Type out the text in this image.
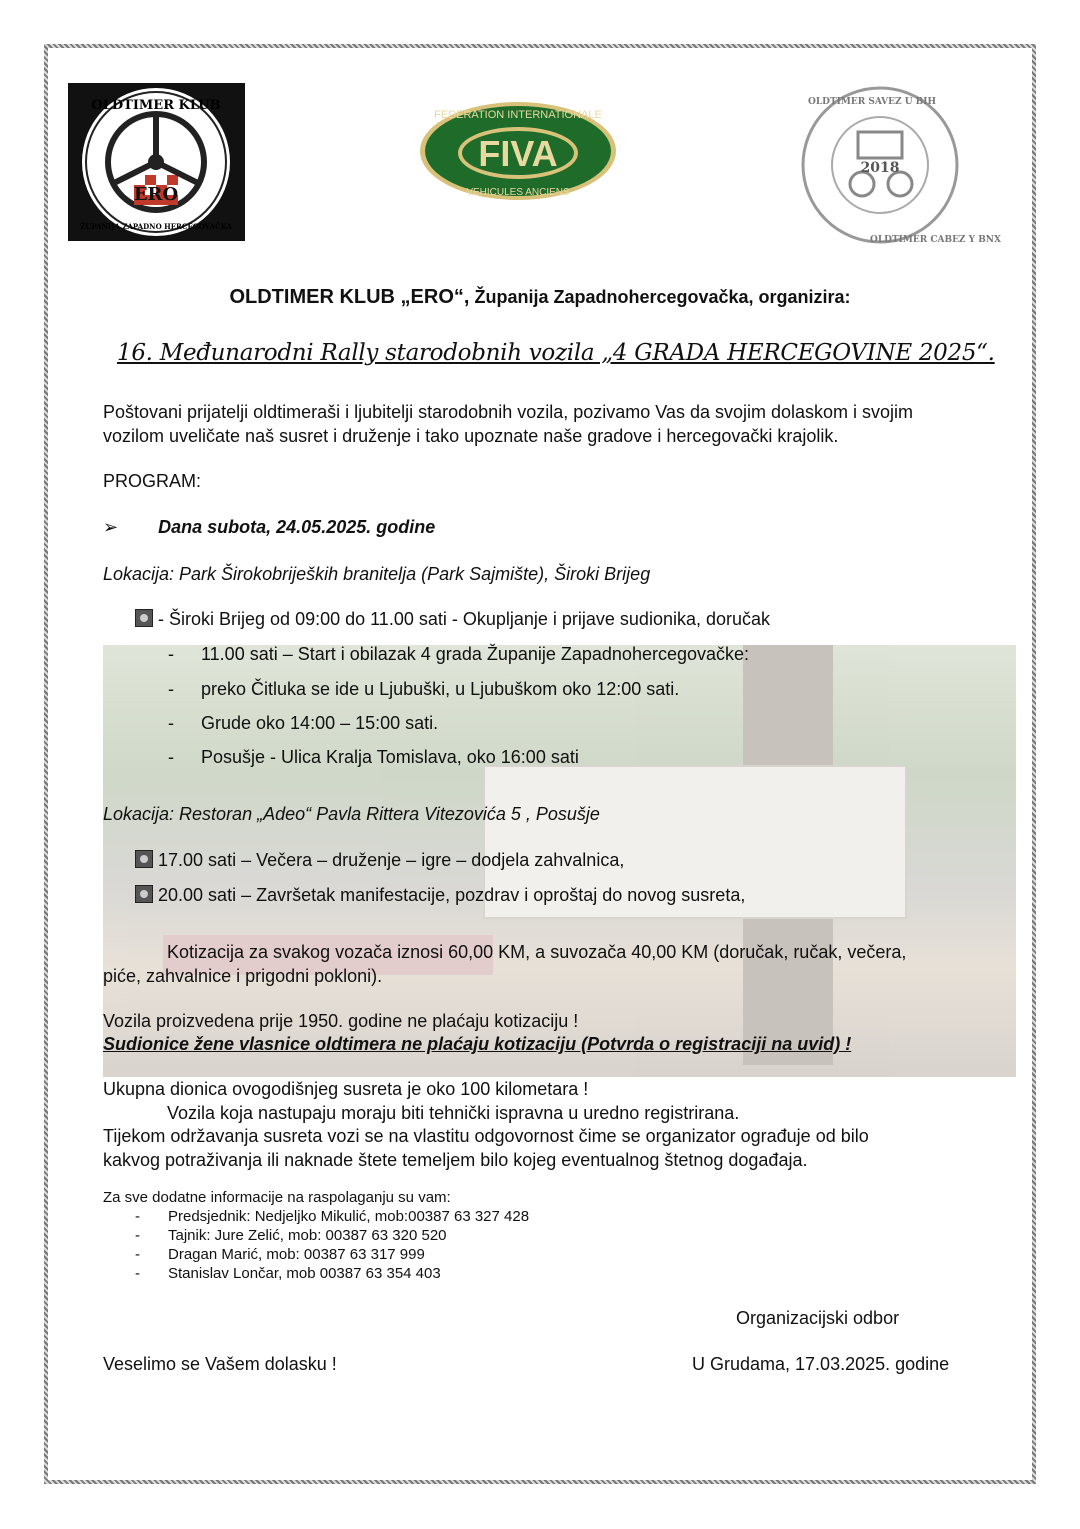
OLDTIMER KLUB
ERO
ŽUPANIJA ZAPADNO HERCEGOVAČKA
FEDERATION INTERNATIONALE
FIVA
VEHICULES ANCIENS
2018
OLDTIMER SAVEZ U BIH
OLDTIMER CABEZ Y BNX
OLDTIMER KLUB „ERO“, Županija Zapadnohercegovačka, organizira:
16. Međunarodni Rally starodobnih vozila „4 GRADA HERCEGOVINE 2025“.
Poštovani prijatelji oldtimeraši i ljubitelji starodobnih vozila, pozivamo Vas da svojim dolaskom i svojim
vozilom uveličate naš susret i druženje i tako upoznate naše gradove i hercegovački krajolik.
PROGRAM:
➢ Dana subota, 24.05.2025. godine
Lokacija: Park Širokobrijeških branitelja (Park Sajmište), Široki Brijeg
- Široki Brijeg od 09:00 do 11.00 sati - Okupljanje i prijave sudionika, doručak
- 11.00 sati – Start i obilazak 4 grada Županije Zapadnohercegovačke:
- preko Čitluka se ide u Ljubuški, u Ljubuškom oko 12:00 sati.
- Grude oko 14:00 – 15:00 sati.
- Posušje - Ulica Kralja Tomislava, oko 16:00 sati
Lokacija: Restoran „Adeo“ Pavla Rittera Vitezovića 5 , Posušje
17.00 sati – Večera – druženje – igre – dodjela zahvalnica,
20.00 sati – Završetak manifestacije, pozdrav i oproštaj do novog susreta,
Kotizacija za svakog vozača iznosi 60,00 KM, a suvozača 40,00 KM (doručak, ručak, večera,
piće, zahvalnice i prigodni pokloni).
Vozila proizvedena prije 1950. godine ne plaćaju kotizaciju !
Sudionice žene vlasnice oldtimera ne plaćaju kotizaciju (Potvrda o registraciji na uvid) !
Ukupna dionica ovogodišnjeg susreta je oko 100 kilometara !
Vozila koja nastupaju moraju biti tehnički ispravna u uredno registrirana.
Tijekom održavanja susreta vozi se na vlastitu odgovornost čime se organizator ograđuje od bilo
kakvog potraživanja ili naknade štete temeljem bilo kojeg eventualnog štetnog događaja.
Za sve dodatne informacije na raspolaganju su vam:
- Predsjednik: Nedjeljko Mikulić, mob:00387 63 327 428
- Tajnik: Jure Zelić, mob: 00387 63 320 520
- Dragan Marić, mob: 00387 63 317 999
- Stanislav Lončar, mob 00387 63 354 403
Organizacijski odbor
Veselimo se Vašem dolasku !	U Grudama, 17.03.2025. godine
